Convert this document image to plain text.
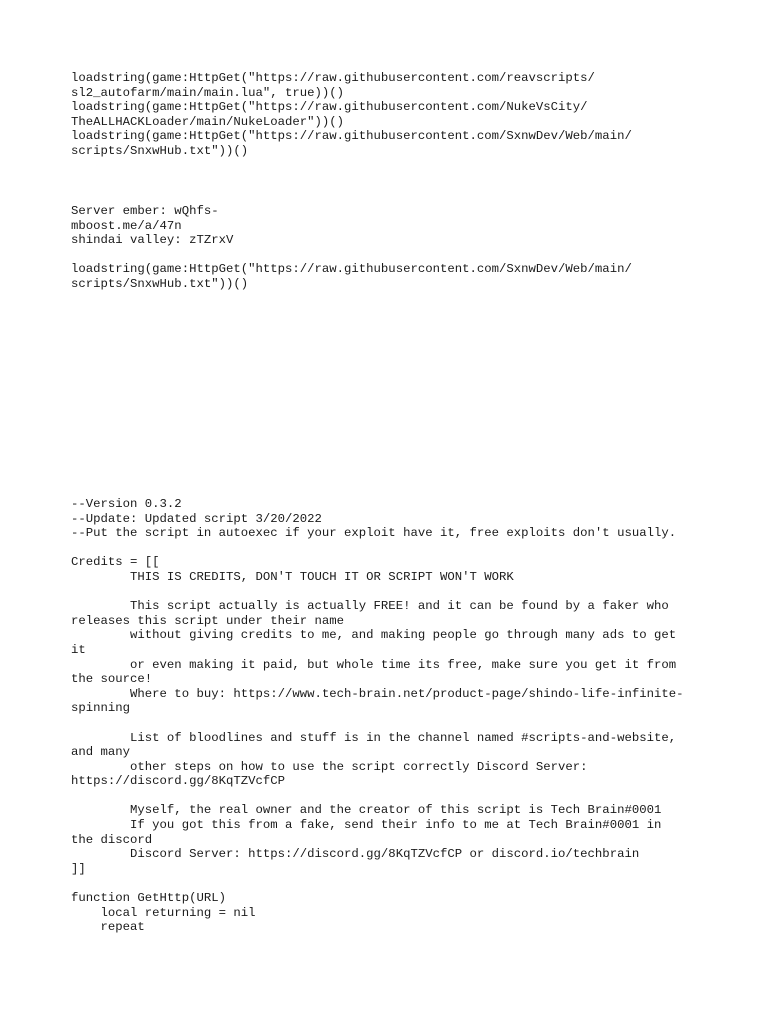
loadstring(game:HttpGet("https://raw.githubusercontent.com/reavscripts/
sl2_autofarm/main/main.lua", true))()
loadstring(game:HttpGet("https://raw.githubusercontent.com/NukeVsCity/
TheALLHACKLoader/main/NukeLoader"))()
loadstring(game:HttpGet("https://raw.githubusercontent.com/SxnwDev/Web/main/
scripts/SnxwHub.txt"))()
Server ember: wQhfs-
mboost.me/a/47n
shindai valley: zTZrxV
loadstring(game:HttpGet("https://raw.githubusercontent.com/SxnwDev/Web/main/
scripts/SnxwHub.txt"))()
--Version 0.3.2
--Update: Updated script 3/20/2022
--Put the script in autoexec if your exploit have it, free exploits don't usually.

Credits = [[
THIS IS CREDITS, DON'T TOUCH IT OR SCRIPT WON'T WORK

This script actually is actually FREE! and it can be found by a faker who
releases this script under their name
without giving credits to me, and making people go through many ads to get
it
or even making it paid, but whole time its free, make sure you get it from
the source!
Where to buy: https://www.tech-brain.net/product-page/shindo-life-infinite-
spinning

List of bloodlines and stuff is in the channel named #scripts-and-website,
and many
other steps on how to use the script correctly Discord Server:
https://discord.gg/8KqTZVcfCP

Myself, the real owner and the creator of this script is Tech Brain#0001
If you got this from a fake, send their info to me at Tech Brain#0001 in
the discord
Discord Server: https://discord.gg/8KqTZVcfCP or discord.io/techbrain
]]

function GetHttp(URL)
local returning = nil
repeat
